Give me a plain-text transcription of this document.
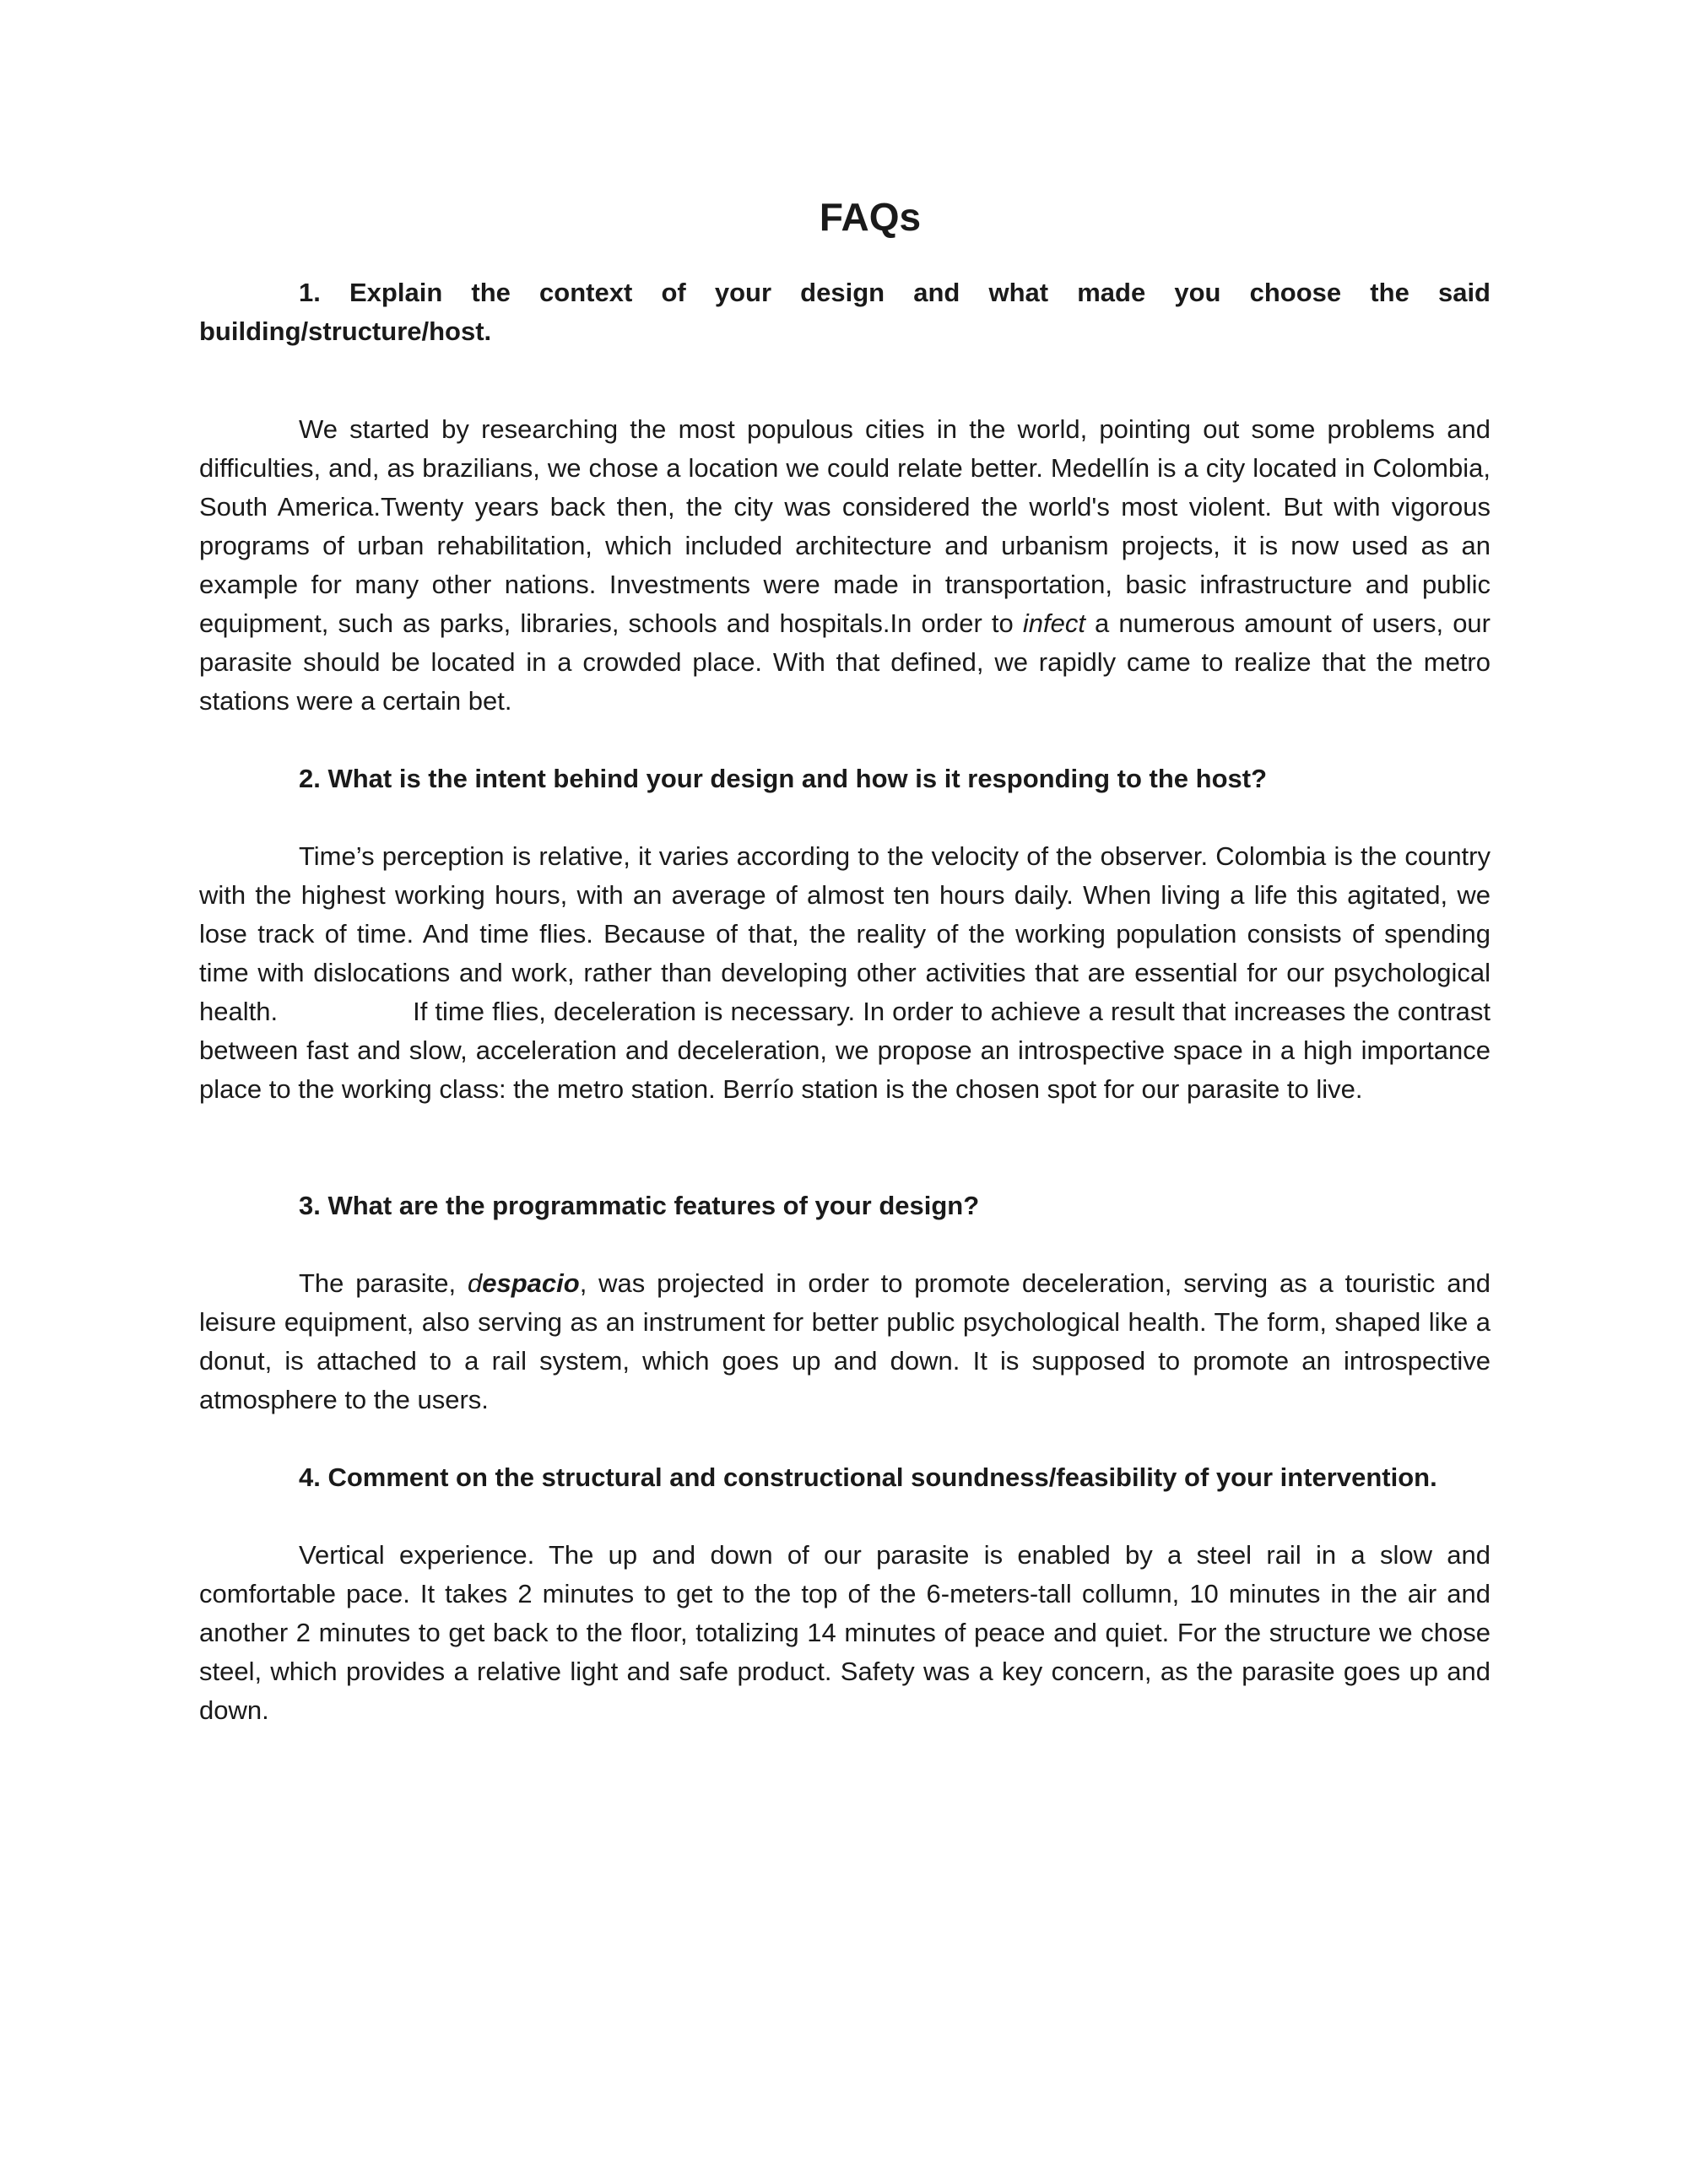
FAQs

1. Explain the context of your design and what made you choose the said building/structure/host.

We started by researching the most populous cities in the world, pointing out some problems and difficulties, and, as brazilians, we chose a location we could relate better. Medellín is a city located in Colombia, South America.Twenty years back then, the city was considered the world's most violent. But with vigorous programs of urban rehabilitation, which included architecture and urbanism projects, it is now used as an example for many other nations. Investments were made in transportation, basic infrastructure and public equipment, such as parks, libraries, schools and hospitals.In order to infect a numerous amount of users, our parasite should be located in a crowded place. With that defined, we rapidly came to realize that the metro stations were a certain bet.

2. What is the intent behind your design and how is it responding to the host?

Time’s perception is relative, it varies according to the velocity of the observer. Colombia is the country with the highest working hours, with an average of almost ten hours daily. When living a life this agitated, we lose track of time. And time flies. Because of that, the reality of the working population consists of spending time with dislocations and work, rather than developing other activities that are essential for our psychological health.	If time flies, deceleration is necessary. In order to achieve a result that increases the contrast between fast and slow, acceleration and deceleration, we propose an introspective space in a high importance place to the working class: the metro station. Berrío station is the chosen spot for our parasite to live.

3. What are the programmatic features of your design?

The parasite, despacio, was projected in order to promote deceleration, serving as a touristic and leisure equipment, also serving as an instrument for better public psychological health. The form, shaped like a donut, is attached to a rail system, which goes up and down. It is supposed to promote an introspective atmosphere to the users.

4. Comment on the structural and constructional soundness/feasibility of your intervention.

Vertical experience. The up and down of our parasite is enabled by a steel rail in a slow and comfortable pace. It takes 2 minutes to get to the top of the 6-meters-tall collumn, 10 minutes in the air and another 2 minutes to get back to the floor, totalizing 14 minutes of peace and quiet. For the structure we chose steel, which provides a relative light and safe product. Safety was a key concern, as the parasite goes up and down.
